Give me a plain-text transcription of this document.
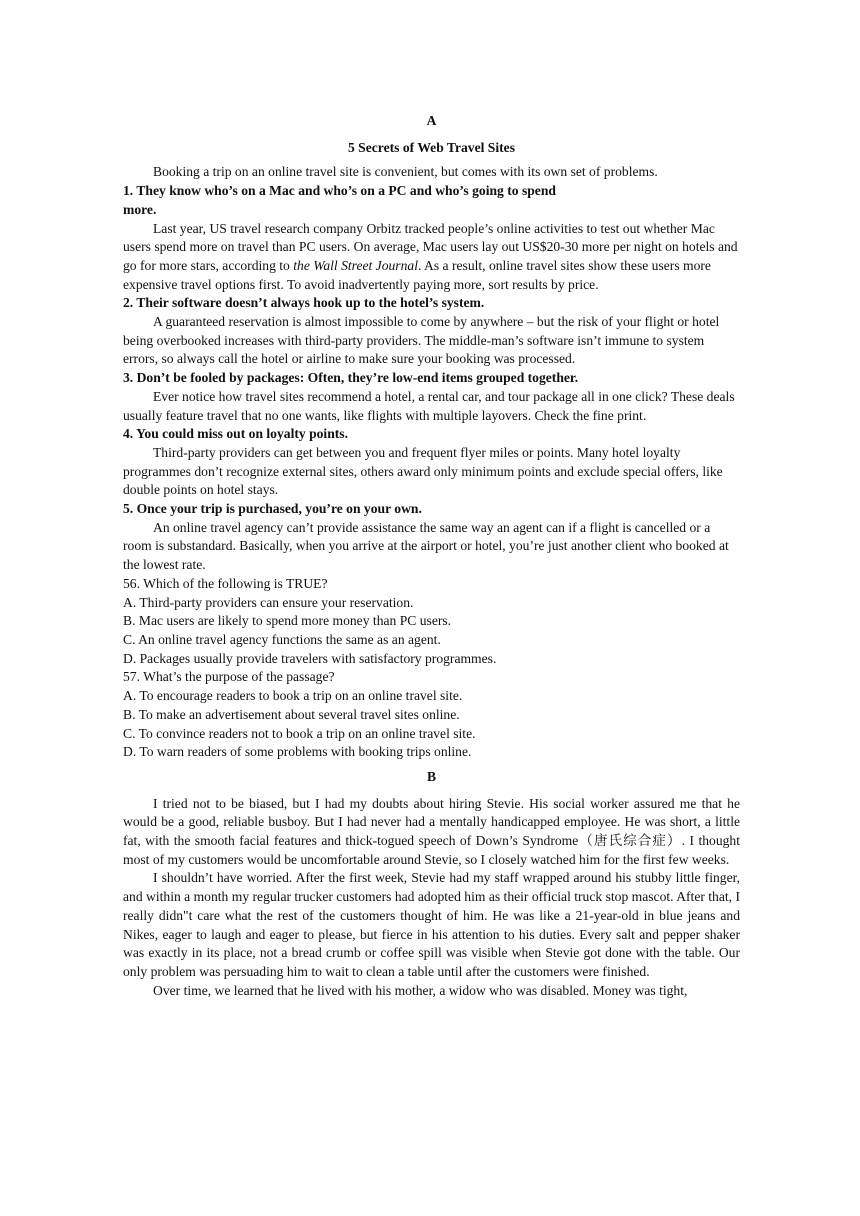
A
5 Secrets of Web Travel Sites

Booking a trip on an online travel site is convenient, but comes with its own set of problems.

1. They know who’s on a Mac and who’s on a PC and who’s going to spend more.

Last year, US travel research company Orbitz tracked people’s online activities to test out whether Mac users spend more on travel than PC users. On average, Mac users lay out US$20-30 more per night on hotels and go for more stars, according to the Wall Street Journal. As a result, online travel sites show these users more expensive travel options first. To avoid inadvertently paying more, sort results by price.

2. Their software doesn’t always hook up to the hotel’s system.

A guaranteed reservation is almost impossible to come by anywhere – but the risk of your flight or hotel being overbooked increases with third-party providers. The middle-man’s software isn’t immune to system errors, so always call the hotel or airline to make sure your booking was processed.

3. Don’t be fooled by packages: Often, they’re low-end items grouped together.

Ever notice how travel sites recommend a hotel, a rental car, and tour package all in one click? These deals usually feature travel that no one wants, like flights with multiple layovers. Check the fine print.

4. You could miss out on loyalty points.

Third-party providers can get between you and frequent flyer miles or points. Many hotel loyalty programmes don’t recognize external sites, others award only minimum points and exclude special offers, like double points on hotel stays.

5. Once your trip is purchased, you’re on your own.

An online travel agency can’t provide assistance the same way an agent can if a flight is cancelled or a room is substandard. Basically, when you arrive at the airport or hotel, you’re just another client who booked at the lowest rate.

56. Which of the following is TRUE?

A. Third-party providers can ensure your reservation.

B. Mac users are likely to spend more money than PC users.

C. An online travel agency functions the same as an agent.

D. Packages usually provide travelers with satisfactory programmes.

57. What’s the purpose of the passage?

A. To encourage readers to book a trip on an online travel site.

B. To make an advertisement about several travel sites online.

C. To convince readers not to book a trip on an online travel site.

D. To warn readers of some problems with booking trips online.

B

I tried not to be biased, but I had my doubts about hiring Stevie. His social worker assured me that he would be a good, reliable busboy. But I had never had a mentally handicapped employee. He was short, a little fat, with the smooth facial features and thick-togued speech of Down’s Syndrome（唐氏综合症）. I thought most of my customers would be uncomfortable around Stevie, so I closely watched him for the first few weeks.

I shouldn’t have worried. After the first week, Stevie had my staff wrapped around his stubby little finger, and within a month my regular trucker customers had adopted him as their official truck stop mascot. After that, I really didn"t care what the rest of the customers thought of him. He was like a 21-year-old in blue jeans and Nikes, eager to laugh and eager to please, but fierce in his attention to his duties. Every salt and pepper shaker was exactly in its place, not a bread crumb or coffee spill was visible when Stevie got done with the table. Our only problem was persuading him to wait to clean a table until after the customers were finished.

Over time, we learned that he lived with his mother, a widow who was disabled. Money was tight,
